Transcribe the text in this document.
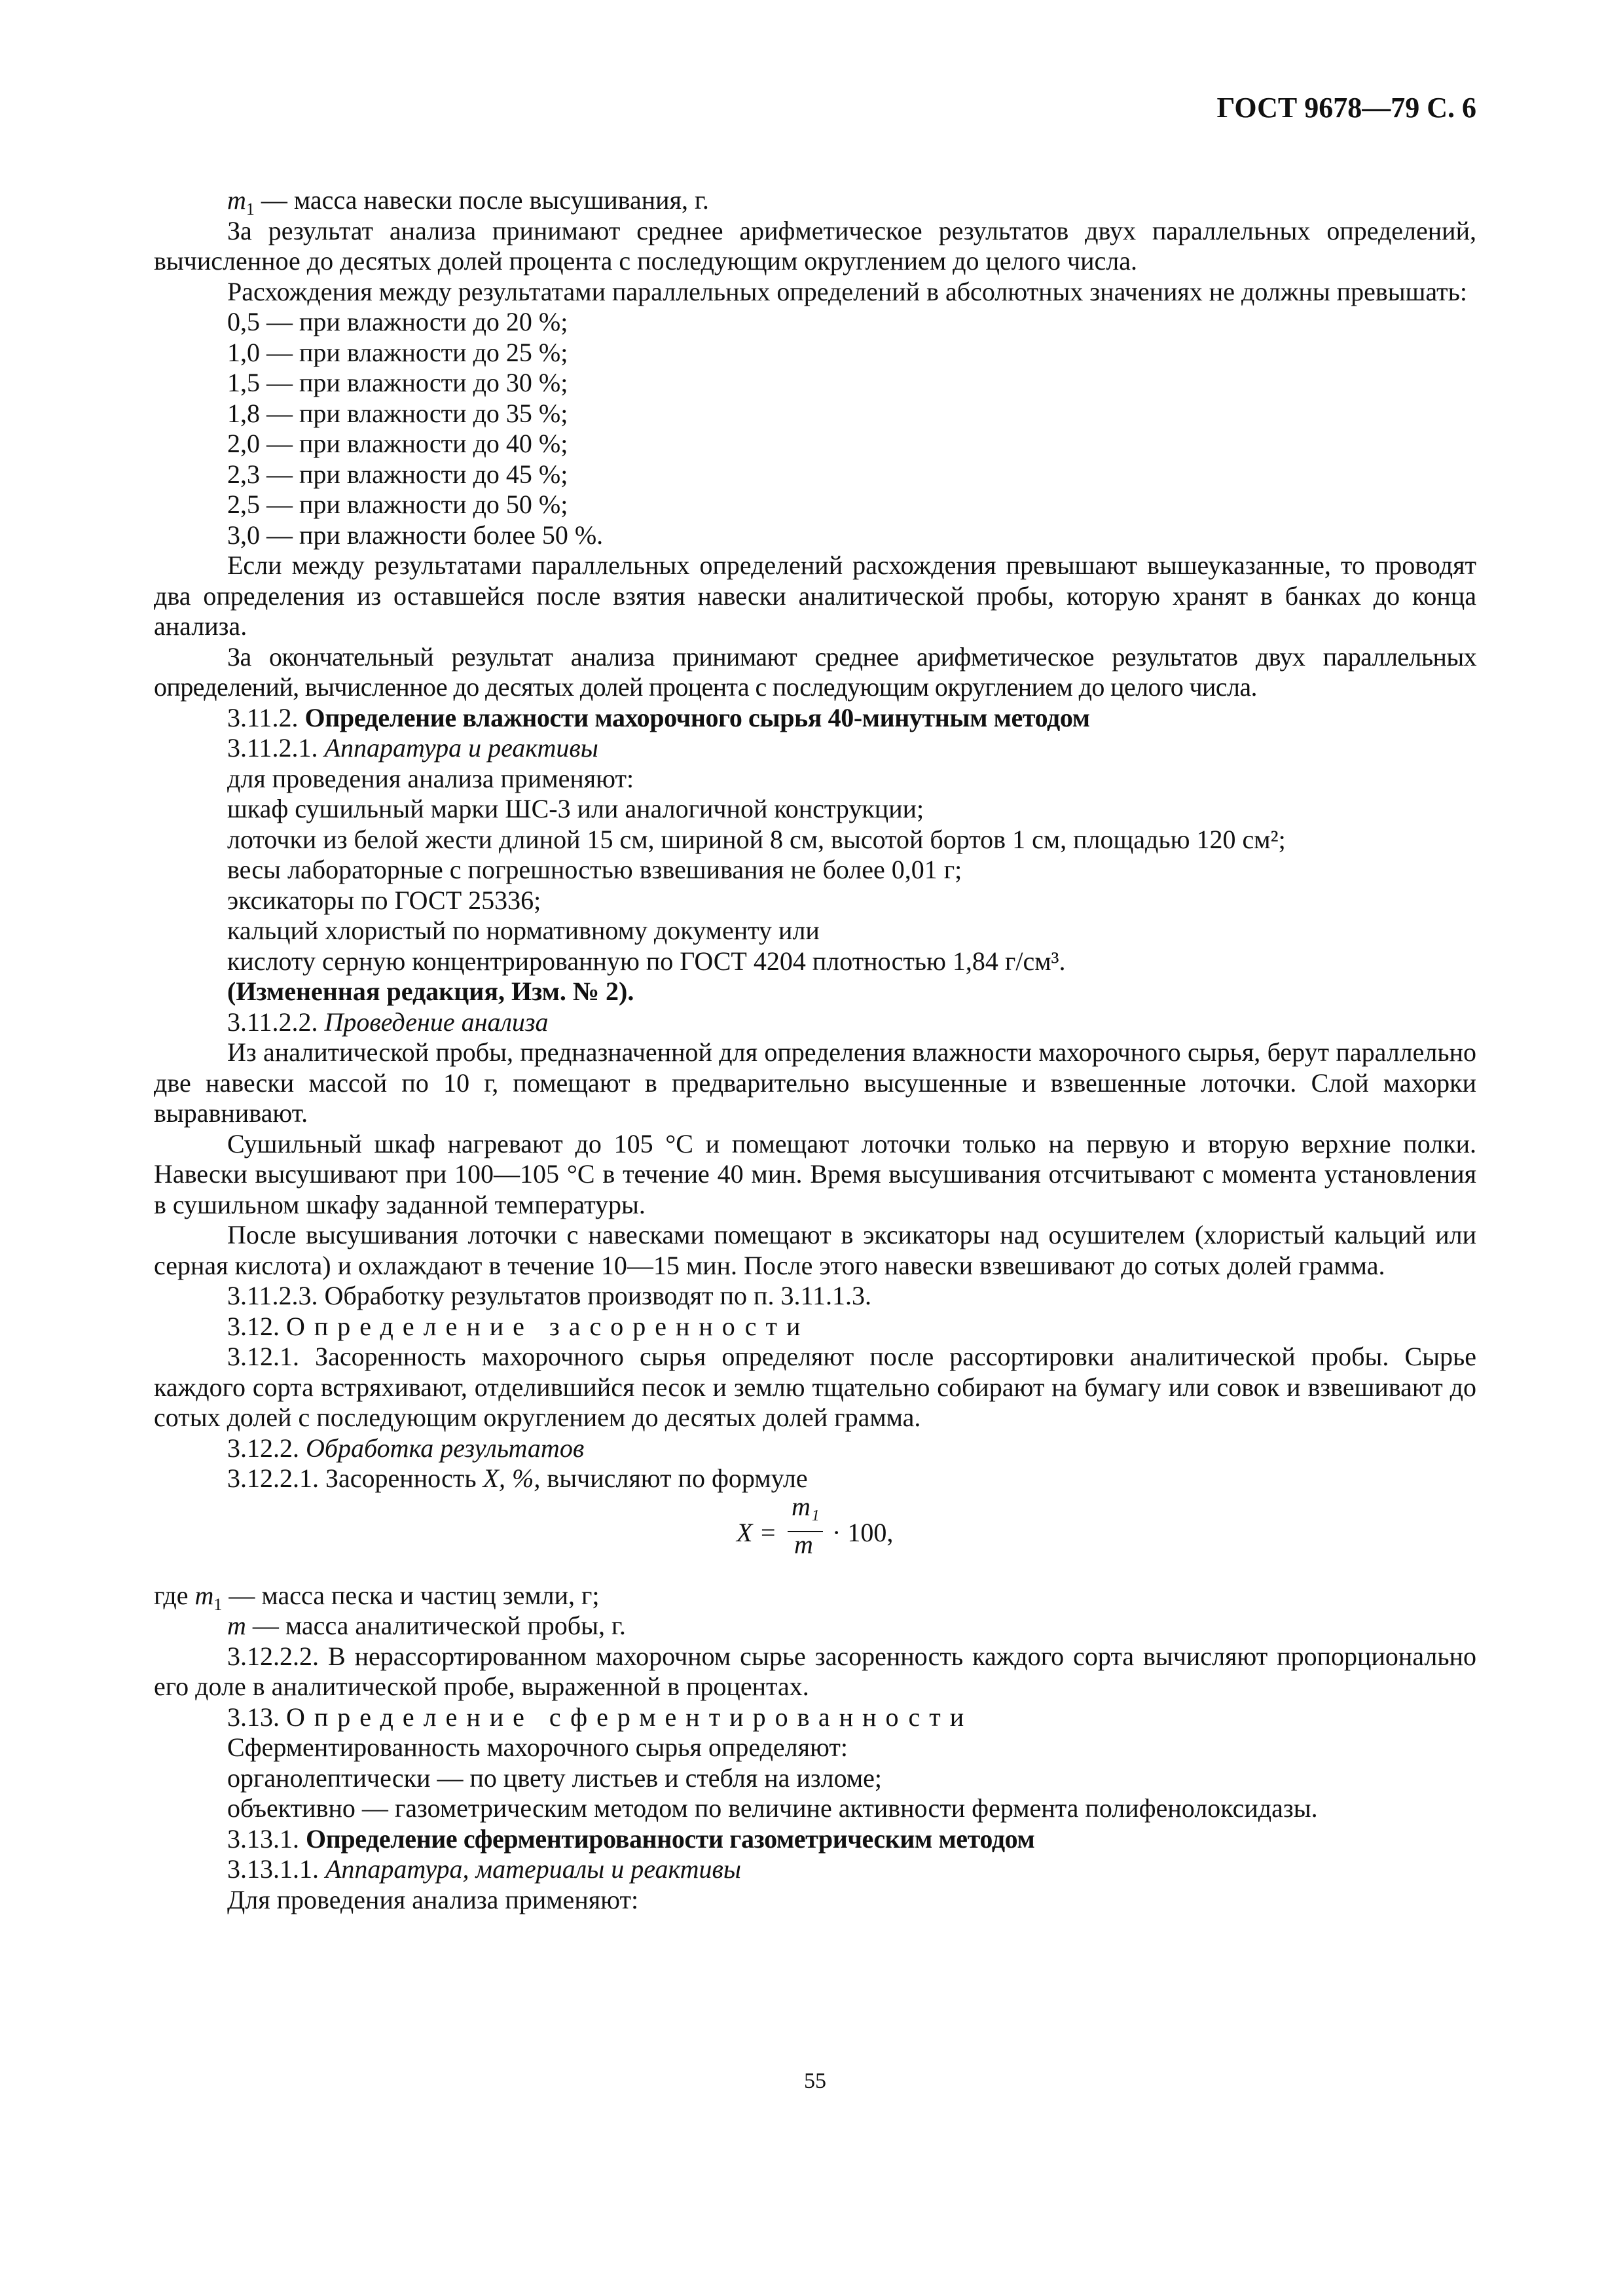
ГОСТ 9678—79 С. 6

$m_1$ — масса навески после высушивания, г.

За результат анализа принимают среднее арифметическое результатов двух параллельных определений, вычисленное до десятых долей процента с последующим округлением до целого числа.

Расхождения между результатами параллельных определений в абсолютных значениях не должны превышать:

0,5 — при влажности до 20 %;

1,0 — при влажности до 25 %;

1,5 — при влажности до 30 %;

1,8 — при влажности до 35 %;

2,0 — при влажности до 40 %;

2,3 — при влажности до 45 %;

2,5 — при влажности до 50 %;

3,0 — при влажности более 50 %.

Если между результатами параллельных определений расхождения превышают вышеуказанные, то проводят два определения из оставшейся после взятия навески аналитической пробы, которую хранят в банках до конца анализа.

За окончательный результат анализа принимают среднее арифметическое результатов двух параллельных определений, вычисленное до десятых долей процента с последующим округлением до целого числа.

3.11.2. Определение влажности махорочного сырья 40-минутным методом

3.11.2.1. Аппаратура и реактивы

для проведения анализа применяют:

шкаф сушильный марки ШС-3 или аналогичной конструкции;

лоточки из белой жести длиной 15 см, шириной 8 см, высотой бортов 1 см, площадью 120 см²;

весы лабораторные с погрешностью взвешивания не более 0,01 г;

эксикаторы по ГОСТ 25336;

кальций хлористый по нормативному документу или

кислоту серную концентрированную по ГОСТ 4204 плотностью 1,84 г/см³.

(Измененная редакция, Изм. № 2).

3.11.2.2. Проведение анализа

Из аналитической пробы, предназначенной для определения влажности махорочного сырья, берут параллельно две навески массой по 10 г, помещают в предварительно высушенные и взвешенные лоточки. Слой махорки выравнивают.

Сушильный шкаф нагревают до 105 °С и помещают лоточки только на первую и вторую верхние полки. Навески высушивают при 100—105 °С в течение 40 мин. Время высушивания отсчитывают с момента установления в сушильном шкафу заданной температуры.

После высушивания лоточки с навесками помещают в эксикаторы над осушителем (хлористый кальций или серная кислота) и охлаждают в течение 10—15 мин. После этого навески взвешивают до сотых долей грамма.

3.11.2.3. Обработку результатов производят по п. 3.11.1.3.

3.12. Определение засоренности

3.12.1. Засоренность махорочного сырья определяют после рассортировки аналитической пробы. Сырье каждого сорта встряхивают, отделившийся песок и землю тщательно собирают на бумагу или совок и взвешивают до сотых долей с последующим округлением до десятых долей грамма.

3.12.2. Обработка результатов

3.12.2.1. Засоренность X, %, вычисляют по формуле

X =
m₁
m · 100,

где $m_1$ — масса песка и частиц земли, г;

m — масса аналитической пробы, г.

3.12.2.2. В нерассортированном махорочном сырье засоренность каждого сорта вычисляют пропорционально его доле в аналитической пробе, выраженной в процентах.

3.13. Определение сферментированности

Сферментированность махорочного сырья определяют:

органолептически — по цвету листьев и стебля на изломе;

объективно — газометрическим методом по величине активности фермента полифенолоксидазы.

3.13.1. Определение сферментированности газометрическим методом

3.13.1.1. Аппаратура, материалы и реактивы

Для проведения анализа применяют:

55
